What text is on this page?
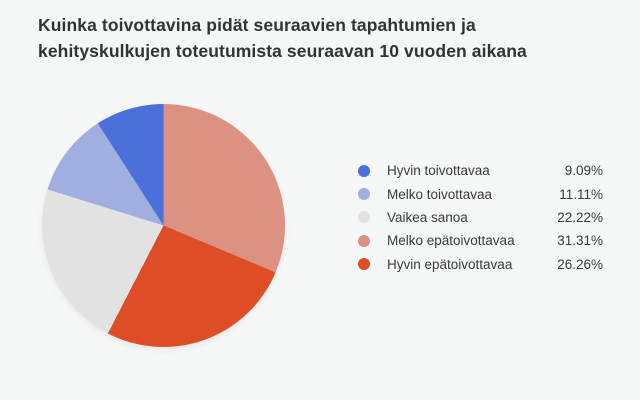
Kuinka toivottavina pidät seuraavien tapahtumien ja
kehityskulkujen toteutumista seuraavan 10 vuoden aikana
Hyvin toivottavaa	9.09%
Melko toivottavaa	11.11%
Vaikea sanoa	22.22%
Melko epätoivottavaa	31.31%
Hyvin epätoivottavaa	26.26%
